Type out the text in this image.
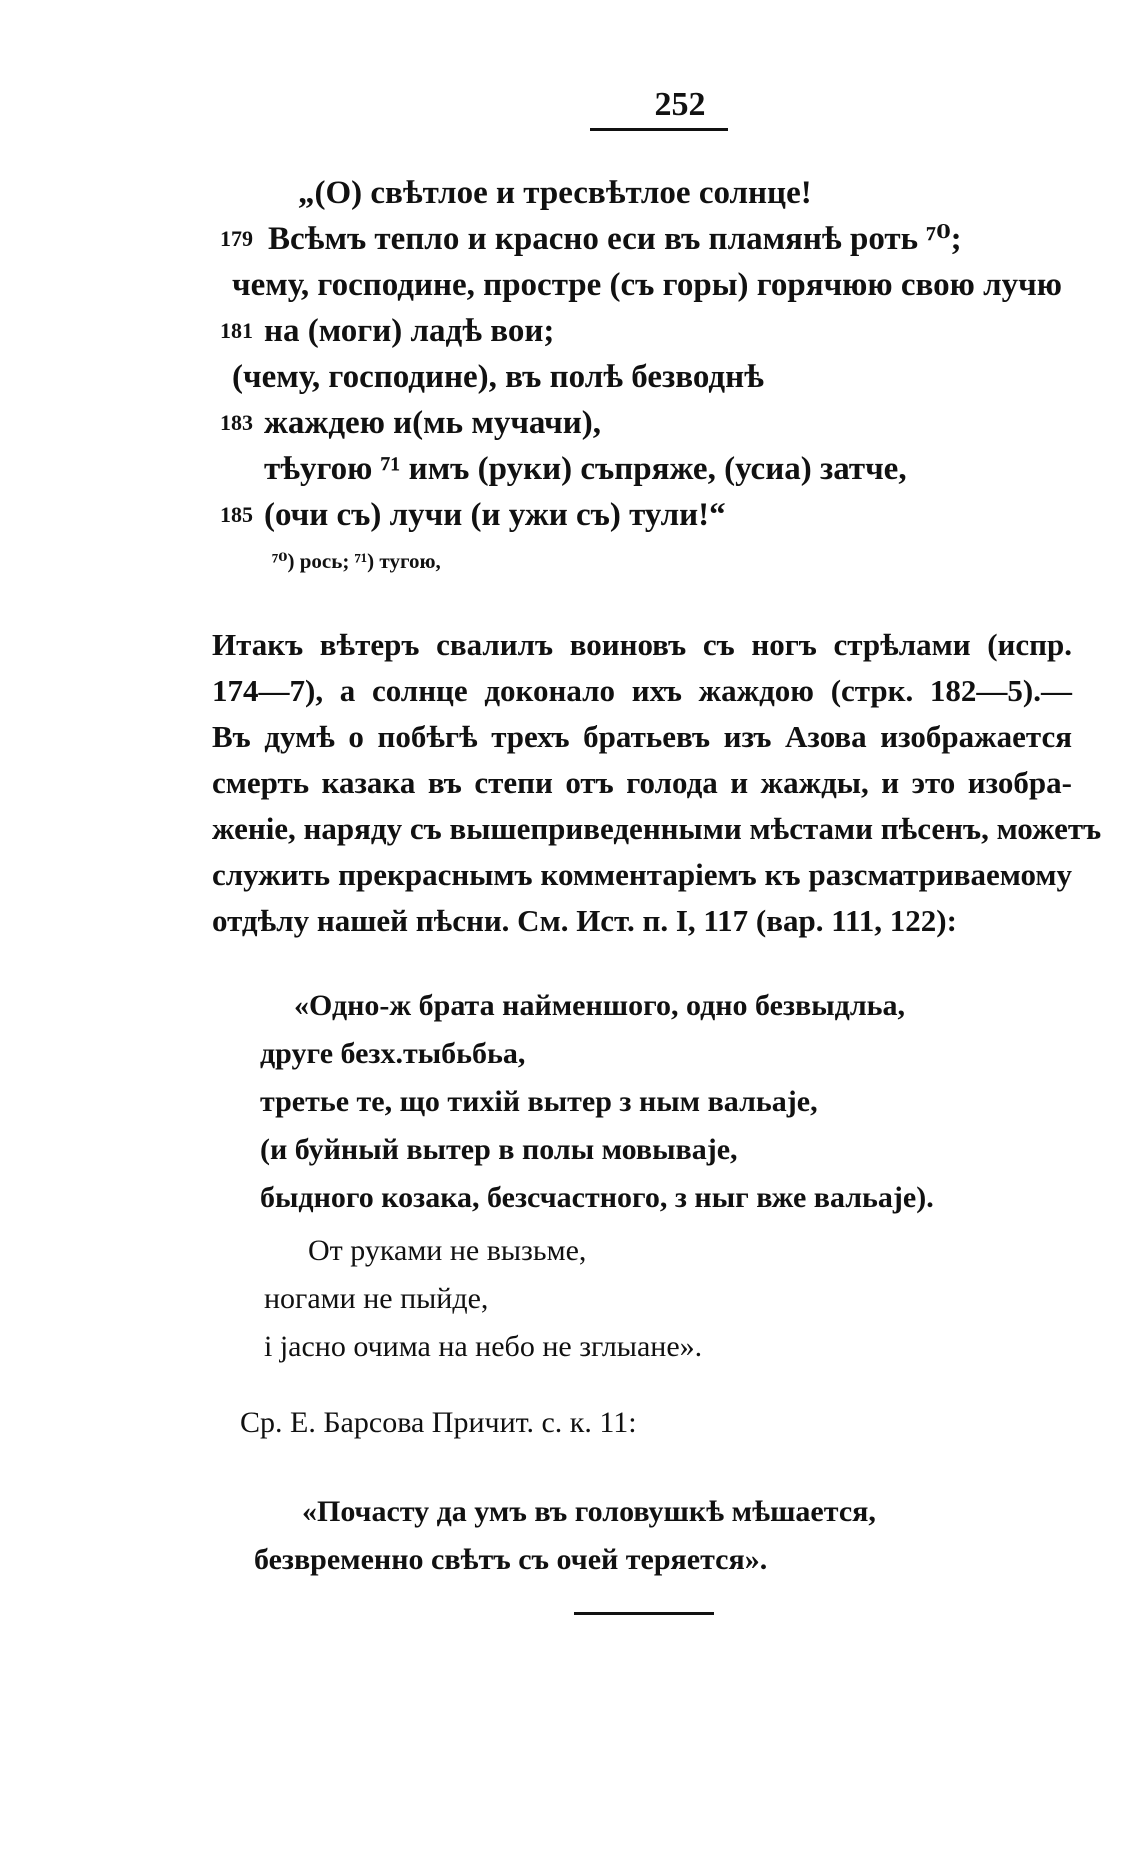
252
„(О) свѣтлое и тресвѣтлое солнце!
179 Всѣмъ тепло и красно еси въ пламянѣ роть ⁷⁰;
чему, господине, простре (съ горы) горячюю свою лучю
181 на (моги) ладѣ вои;
(чему, господине), въ полѣ безводнѣ
183 жаждею и(мь мучачи),
тѣугою ⁷¹ имъ (руки) съпряже, (усиа) затче,
185 (очи съ) лучи (и ужи съ) тули!“
⁷⁰) рось; ⁷¹) тугою,
Итакъ вѣтеръ свалилъ воиновъ съ ногъ стрѣлами (испр.
174—7), а солнце доконало ихъ жаждою (стрк. 182—5).—
Въ думѣ о побѣгѣ трехъ братьевъ изъ Азова изображается
смерть казака въ степи отъ голода и жажды, и это изобра-
женіе, наряду съ вышеприведенными мѣстами пѣсенъ, можетъ
служить прекраснымъ комментаріемъ къ разсматриваемому
отдѣлу нашей пѣсни. См. Ист. п. I, 117 (вар. 111, 122):
«Одно-ж брата найменшого, одно безвыдльа,
друге безх.тыбьбьа,
третье те, що тихій вытер з ным вальаје,
(и буйный вытер в полы мовываје,
быдного козака, безсчастного, з ныг вже вальаје).
От руками не вызьме,
ногами не пыйде,
і јасно очима на небо не зглыане».
Ср. Е. Барсова Причит. с. к. 11:
«Почасту да умъ въ головушкѣ мѣшается,
безвременно свѣтъ съ очей теряется».
